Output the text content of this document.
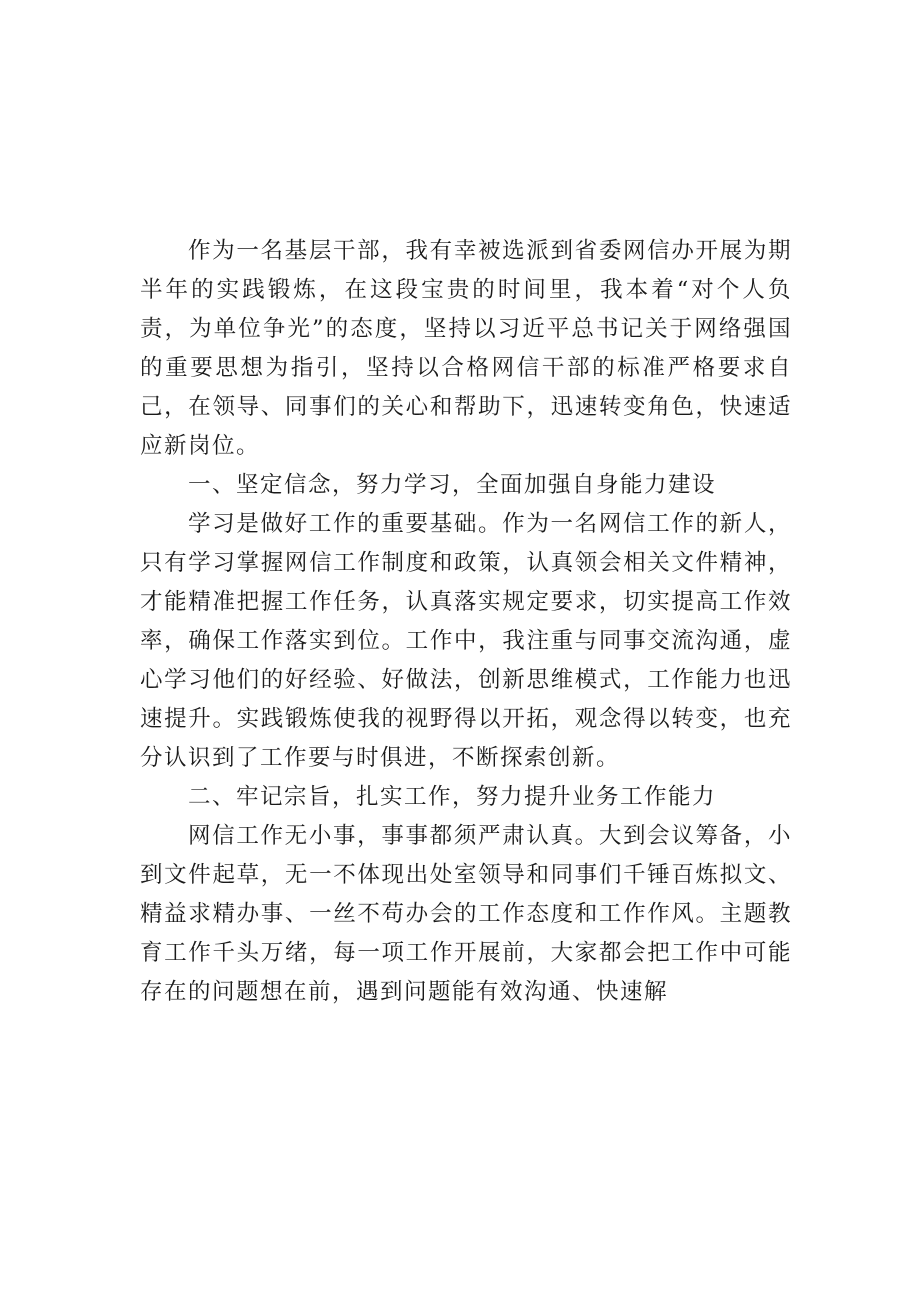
作为一名基层干部，我有幸被选派到省委网信办开展为期半年的实践锻炼，在这段宝贵的时间里，我本着“对个人负责，为单位争光”的态度，坚持以习近平总书记关于网络强国的重要思想为指引，坚持以合格网信干部的标准严格要求自己，在领导、同事们的关心和帮助下，迅速转变角色，快速适应新岗位。

一、坚定信念，努力学习，全面加强自身能力建设

学习是做好工作的重要基础。作为一名网信工作的新人，只有学习掌握网信工作制度和政策，认真领会相关文件精神，才能精准把握工作任务，认真落实规定要求，切实提高工作效率，确保工作落实到位。工作中，我注重与同事交流沟通，虚心学习他们的好经验、好做法，创新思维模式，工作能力也迅速提升。实践锻炼使我的视野得以开拓，观念得以转变，也充分认识到了工作要与时俱进，不断探索创新。

二、牢记宗旨，扎实工作，努力提升业务工作能力

网信工作无小事，事事都须严肃认真。大到会议筹备，小到文件起草，无一不体现出处室领导和同事们千锤百炼拟文、精益求精办事、一丝不苟办会的工作态度和工作作风。主题教育工作千头万绪，每一项工作开展前，大家都会把工作中可能存在的问题想在前，遇到问题能有效沟通、快速解
